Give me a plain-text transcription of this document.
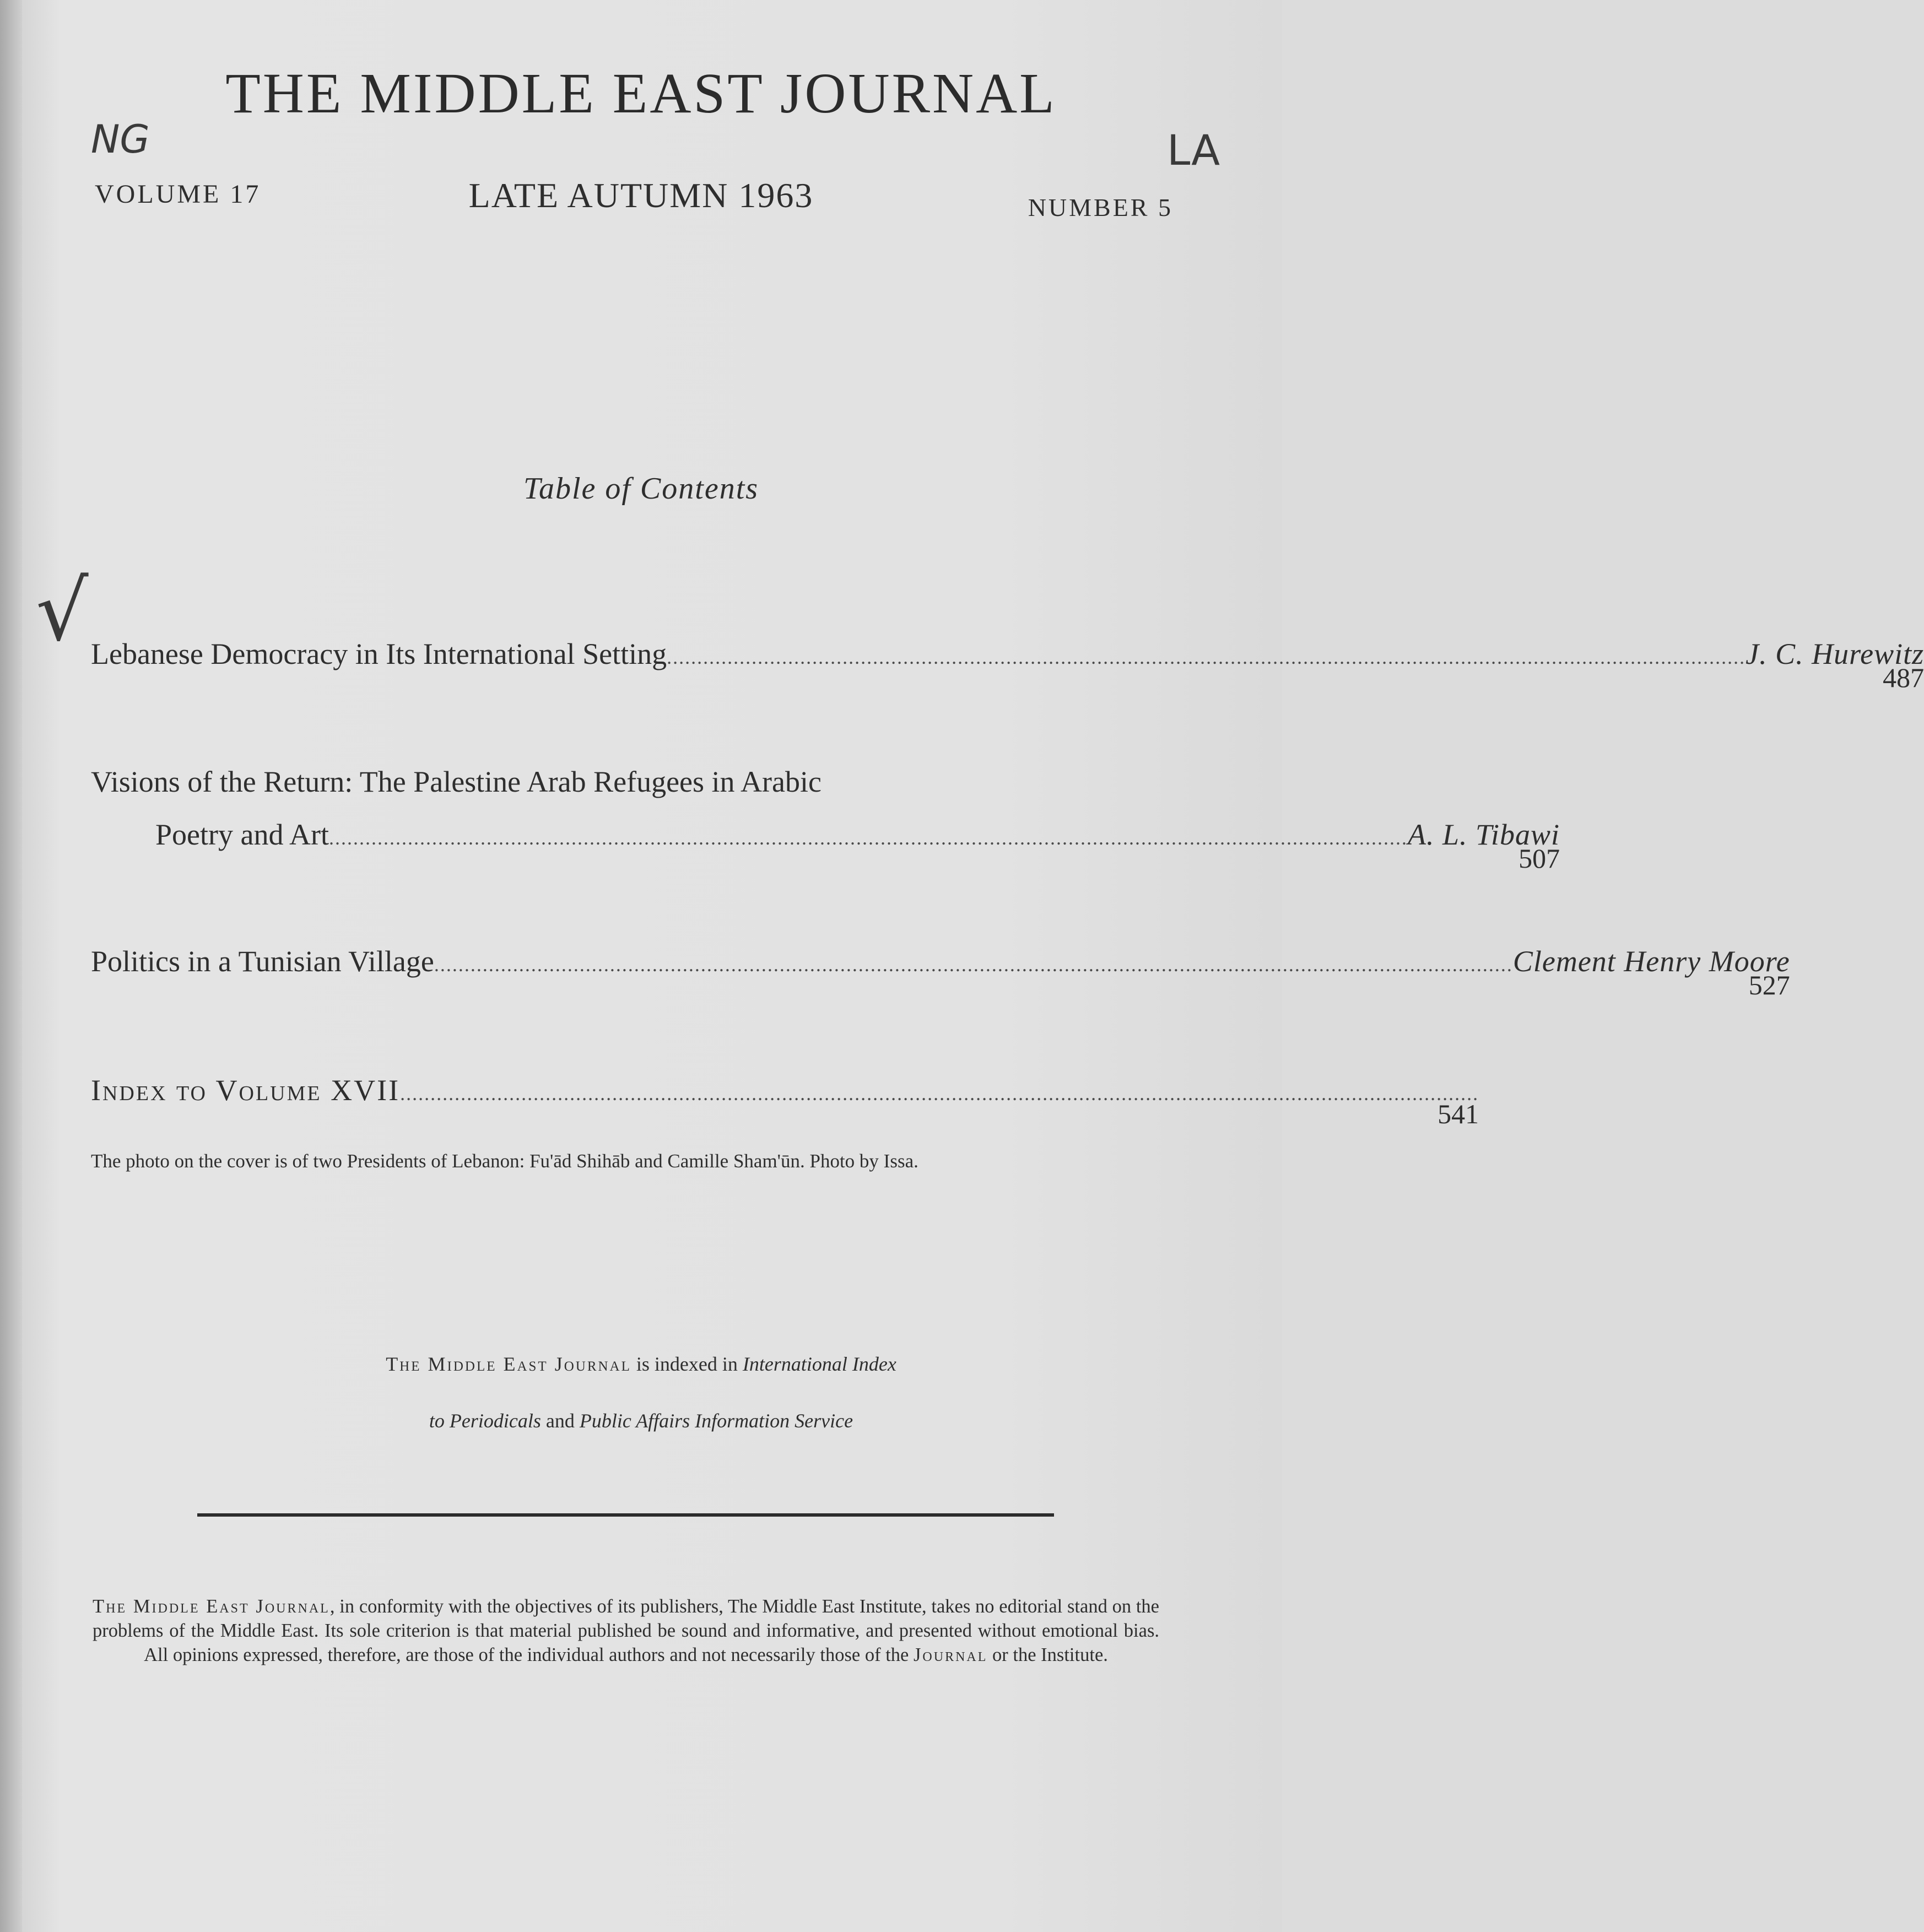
NG	LA
√
THE MIDDLE EAST JOURNAL
VOLUME 17	LATE AUTUMN 1963	NUMBER 5
Table of Contents
Lebanese Democracy in Its International Setting .................................................................................................................................................................................. J. C. Hurewitz
487
Visions of the Return: The Palestine Arab Refugees in Arabic
Poetry and Art .................................................................................................................................................................................. A. L. Tibawi
507
Politics in a Tunisian Village .................................................................................................................................................................................. Clement Henry Moore
527
Index to Volume XVII ..................................................................................................................................................................................
541
The photo on the cover is of two Presidents of Lebanon: Fu'ād Shihāb and Camille Sham'ūn. Photo by Issa.
The Middle East Journal is indexed in International Index
to Periodicals and Public Affairs Information Service
The Middle East Journal, in conformity with the objectives of its publishers, The Middle East Institute, takes no editorial stand on the problems of the Middle East. Its sole criterion is that material published be sound and informative, and presented without emotional bias. All opinions expressed, therefore, are those of the individual authors and not necessarily those of the Journal or the Institute.
